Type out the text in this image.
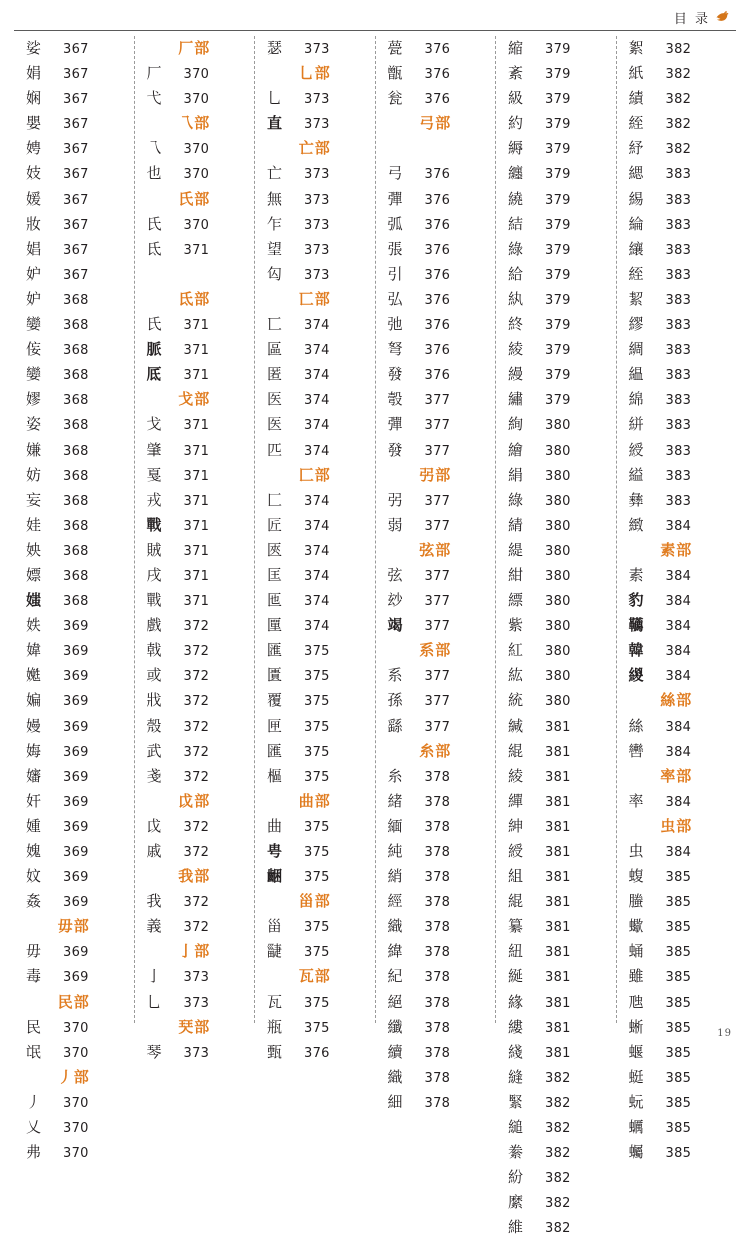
目 录
娑	367
娟	367
娴	367
嬰	367
娉	367
妓	367
媛	367
妝	367
娼	367
妒	367
妒	368
孌	368
侫	368
孌	368
嫪	368
姿	368
嫌	368
妨	368
妄	368
娃	368
姎	368
嫖	368
媸	368
妷	369
媁	369
嬔	369
媥	369
嫚	369
娒	369
嬸	369
奸	369
媑	369
媿	369
妏	369
姦	369
毋部
毋	369
毒	369
民部
民	370
氓	370
丿部
丿	370
乂	370
弗	370
厂部
厂	370
弋	370
乁部
乁	370
也	370
氏部
氏	370
氐	371

氐部
氏	371
脈	371
厎	371
戈部
戈	371
肇	371
戛	371
戎	371
戰	371
賊	371
戌	371
戰	371
戲	372
戟	372
或	372
戕	372
殼	372
武	372
戔	372
戉部
戉	372
戚	372
我部
我	372
義	372
亅部
亅	373
乚	373
珡部
琴	373
瑟	373
乚部
乚	373
直	373
亡部
亡	373
無	373
乍	373
望	373
匃	373
匸部
匸	374
區	374
匿	374
医	374
医	374
匹	374
匚部
匚	374
匠	374
匧	374
匡	374
匜	374
匰	374
匯	375
匱	375
覆	375
匣	375
匯	375
樞	375
曲部
曲	375
甹	375
齫	375
甾部
甾	375
疀	375
瓦部
瓦	375
瓶	375
甄	376
甍	376
甑	376
瓮	376
弓部

弓	376
彈	376
弧	376
張	376
引	376
弘	376
弛	376
弩	376
發	376
彀	377
彈	377
發	377
弜部
弜	377
弱	377
弦部
弦	377
玅	377
竭	377
系部
系	377
孫	377
繇	377
糸部
糸	378
緒	378
緬	378
純	378
綃	378
經	378
織	378
緯	378
紀	378
絕	378
纖	378
續	378
織	378
細	378
縮	379
紊	379
級	379
約	379
縟	379
纏	379
繞	379
結	379
綠	379
給	379
紈	379
終	379
綾	379
縵	379
繡	379
絢	380
繪	380
絹	380
綠	380
綪	380
緹	380
紺	380
縹	380
紫	380
紅	380
紘	380
統	380
緘	381
緄	381
綾	381
繟	381
紳	381
綬	381
組	381
緄	381
纂	381
紐	381
綖	381
緣	381
縷	381
綫	381
縫	382
緊	382
縋	382
絭	382
紛	382
縻	382
維	382
絮	382
紙	382
績	382
絰	382
紓	382
緦	383
緆	383
綸	383
纕	383
絰	383
絜	383
繆	383
綢	383
緼	383
綿	383
絣	383
綬	383
縊	383
彝	383
緻	384
素部
素	384
豹	384
韉	384
韓	384
緵	384
絲部
絲	384
轡	384
率部
率	384
虫部
虫	384
蝮	385
螣	385
蠍	385
蛹	385
雖	385
虺	385
蜥	385
蝘	385
蜓	385
蚖	385
蠣	385
蠾	385
19
